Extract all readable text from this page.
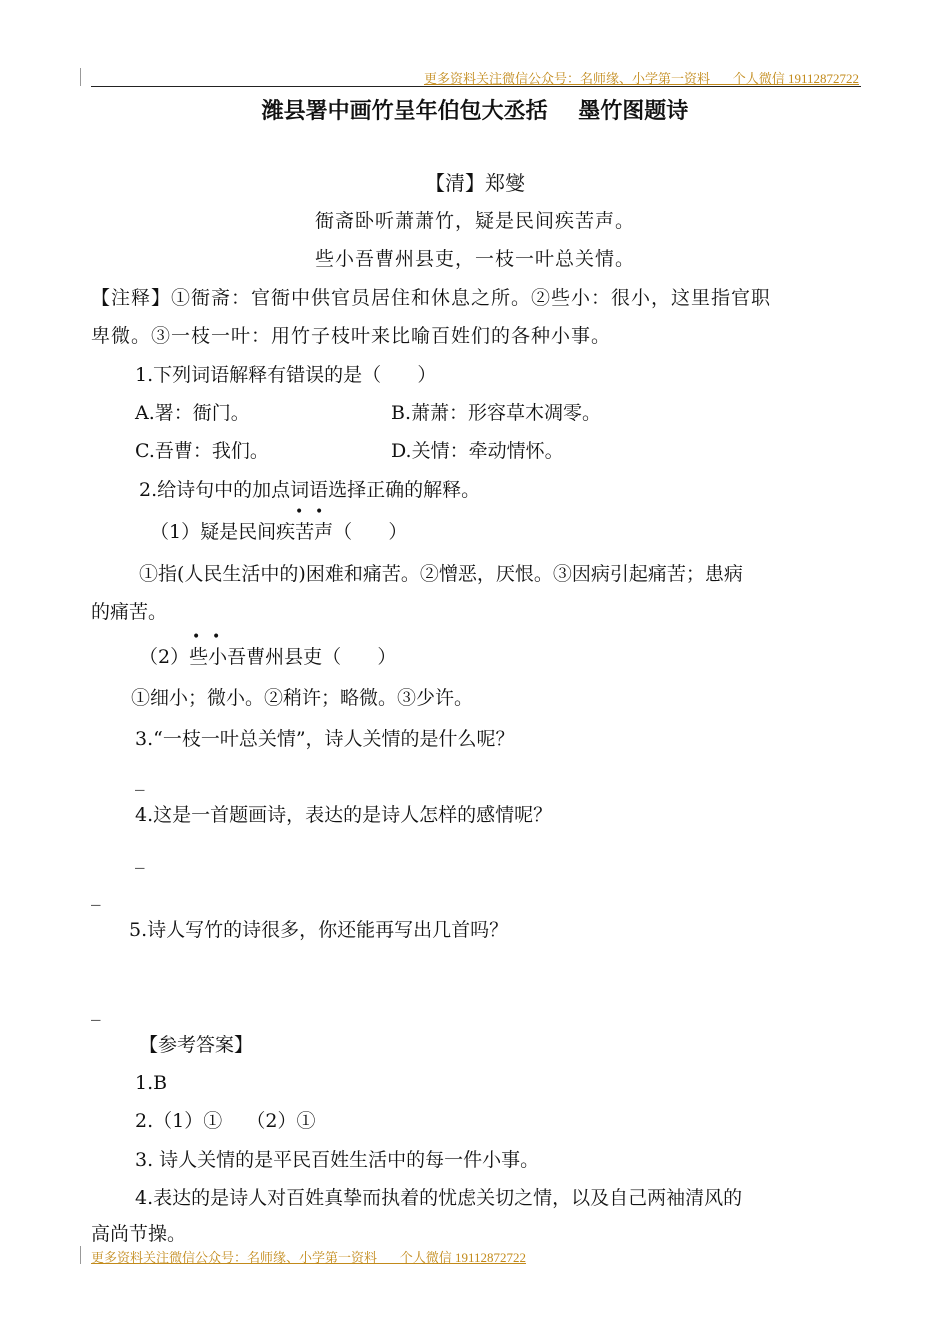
更多资料关注微信公众号：名师缘、小学第一资料       个人微信 19112872722
潍县署中画竹呈年伯包大丞括    墨竹图题诗
【清】郑燮
衙斋卧听萧萧竹，疑是民间疾苦声。
些小吾曹州县吏，一枝一叶总关情。
【注释】①衙斋：官衙中供官员居住和休息之所。②些小：很小，这里指官职
卑微。③一枝一叶：用竹子枝叶来比喻百姓们的各种小事。
1.下列词语解释有错误的是（      ）
A.署：衙门。	B.萧萧：形容草木凋零。
C.吾曹：我们。	D.关情：牵动情怀。
2.给诗句中的加点词语选择正确的解释。
• •
（1）疑是民间疾苦声（      ）
①指(人民生活中的)困难和痛苦。②憎恶，厌恨。③因病引起痛苦；患病
的痛苦。
• •
（2）些小吾曹州县吏（      ）
①细小；微小。②稍许；略微。③少许。
3.“一枝一叶总关情”，诗人关情的是什么呢？
_
4.这是一首题画诗，表达的是诗人怎样的感情呢？
_
_
5.诗人写竹的诗很多，你还能再写出几首吗？
_
【参考答案】
1.B
2.（1）①    （2）①
3. 诗人关情的是平民百姓生活中的每一件小事。
4.表达的是诗人对百姓真挚而执着的忧虑关切之情，以及自己两袖清风的
高尚节操。
更多资料关注微信公众号：名师缘、小学第一资料       个人微信 19112872722
